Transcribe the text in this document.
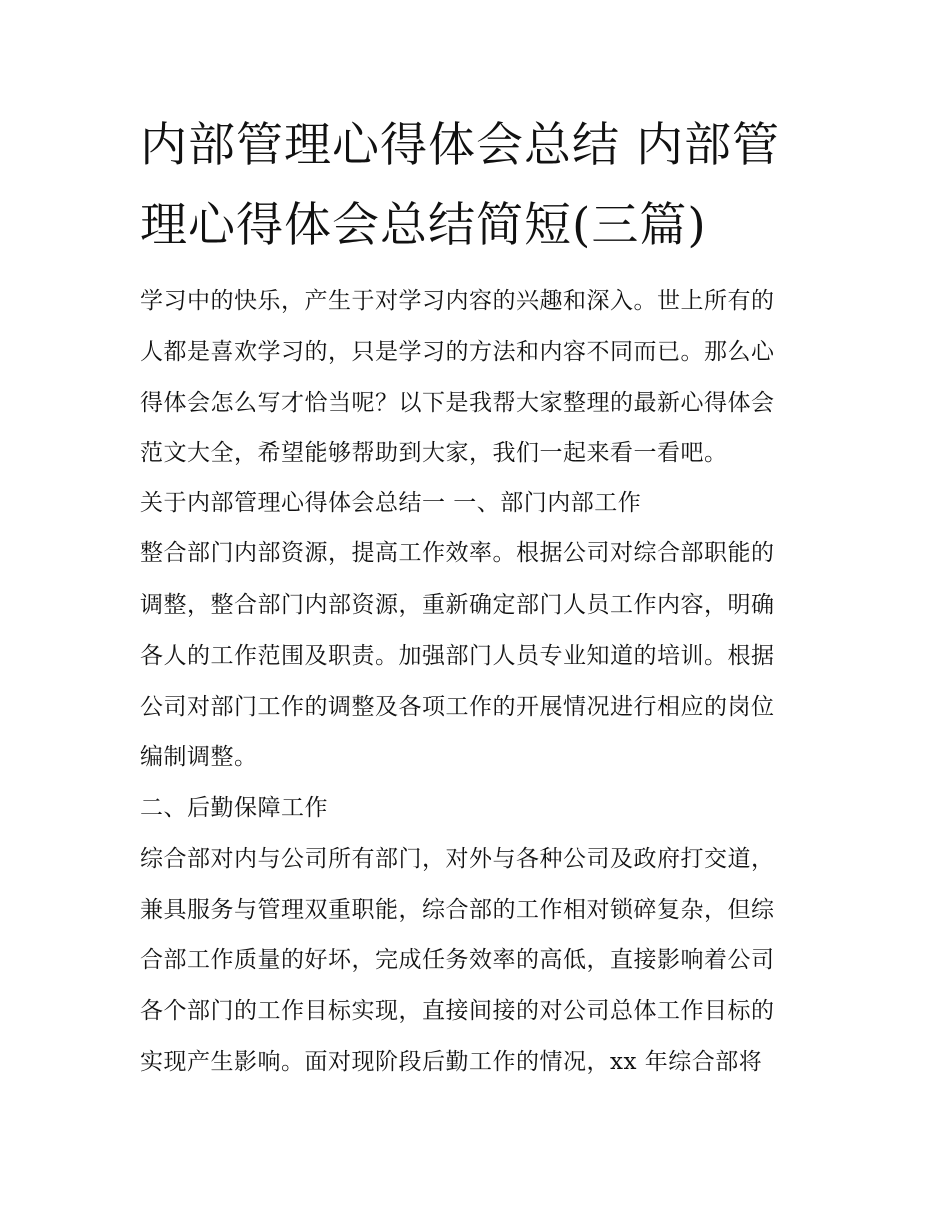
内部管理心得体会总结 内部管
理心得体会总结简短(三篇)
学习中的快乐，产生于对学习内容的兴趣和深入。世上所有的
人都是喜欢学习的，只是学习的方法和内容不同而已。那么心
得体会怎么写才恰当呢？以下是我帮大家整理的最新心得体会
范文大全，希望能够帮助到大家，我们一起来看一看吧。
关于内部管理心得体会总结一 一、部门内部工作
整合部门内部资源，提高工作效率。根据公司对综合部职能的
调整，整合部门内部资源，重新确定部门人员工作内容，明确
各人的工作范围及职责。加强部门人员专业知道的培训。根据
公司对部门工作的调整及各项工作的开展情况进行相应的岗位
编制调整。
二、后勤保障工作
综合部对内与公司所有部门，对外与各种公司及政府打交道，
兼具服务与管理双重职能，综合部的工作相对锁碎复杂，但综
合部工作质量的好坏，完成任务效率的高低，直接影响着公司
各个部门的工作目标实现，直接间接的对公司总体工作目标的
实现产生影响。面对现阶段后勤工作的情况，xx 年综合部将
